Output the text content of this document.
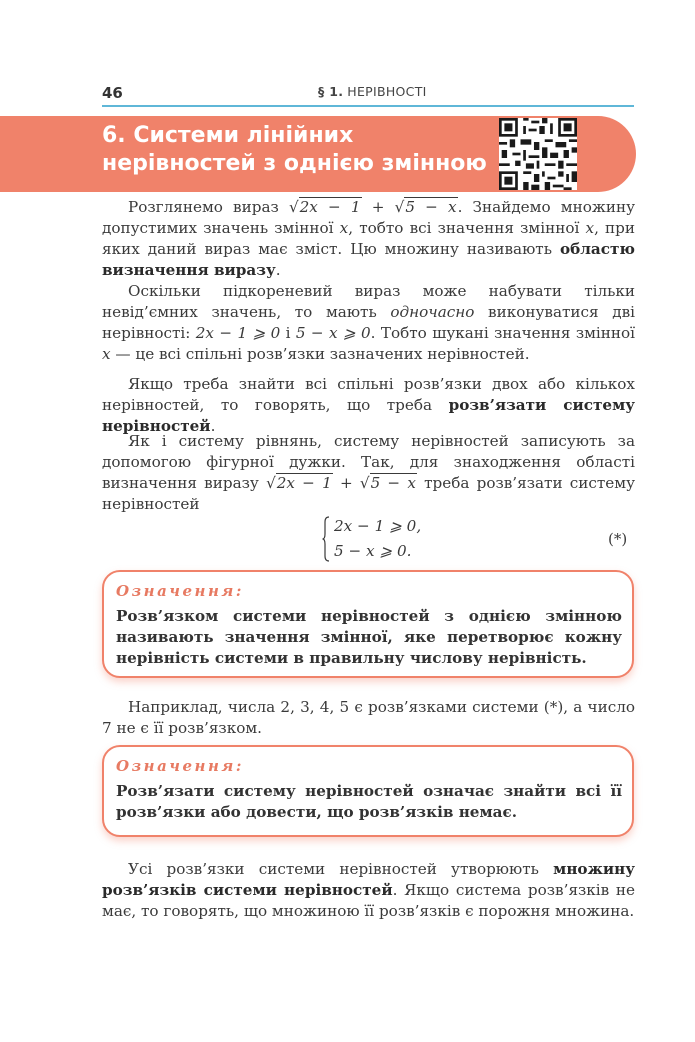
46	§ 1. НЕРІВНОСТІ
6. Системи лінійних нерівностей з однією змінною

Розглянемо вираз √2x − 1 + √5 − x. Знайдемо множину допустимих значень змінної x, тобто всі значення змінної x, при яких даний вираз має зміст. Цю множину називають областю визначення виразу.

Оскільки підкореневий вираз може набувати тільки невід’ємних значень, то мають одночасно виконуватися дві нерівності: 2x − 1 ⩾ 0 і 5 − x ⩾ 0. Тобто шукані значення змінної x — це всі спільні розв’язки зазначених нерівностей.

Якщо треба знайти всі спільні розв’язки двох або кількох нерівностей, то говорять, що треба розв’язати систему нерівностей.

Як і систему рівнянь, систему нерівностей записують за допомогою фігурної дужки. Так, для знаходження області визначення виразу √2x − 1 + √5 − x треба розв’язати систему нерівностей

2x − 1 ⩾ 0,
5 − x ⩾ 0.
(*)
Означення:
Розв’язком системи нерівностей з однією змінною називають значення змінної, яке перетворює кожну нерівність системи в правильну числову нерівність.

Наприклад, числа 2, 3, 4, 5 є розв’язками системи (*), а число 7 не є її розв’язком.

Означення:
Розв’язати систему нерівностей означає знайти всі її розв’язки або довести, що розв’язків немає.

Усі розв’язки системи нерівностей утворюють множину розв’язків системи нерівностей. Якщо система розв’язків не має, то говорять, що множиною її розв’язків є порожня множина.
